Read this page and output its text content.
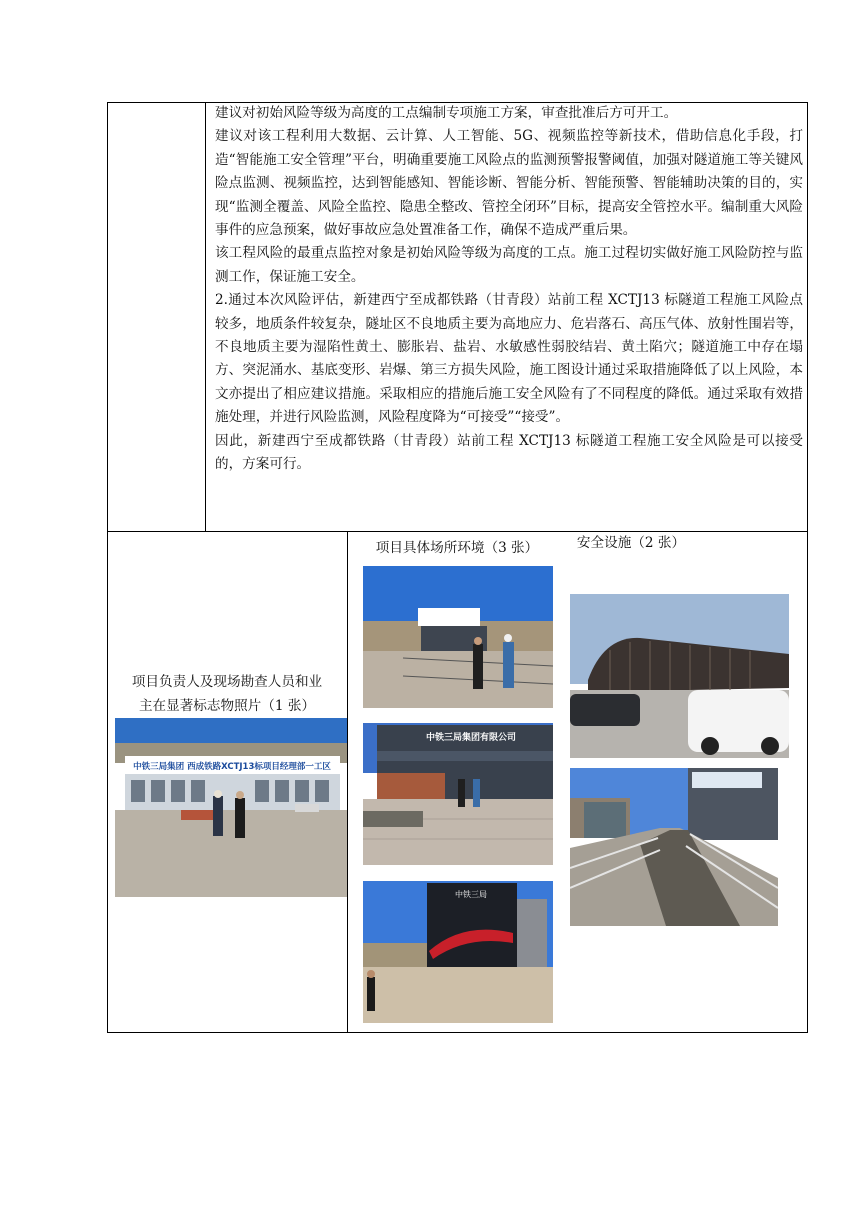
建议对初始风险等级为高度的工点编制专项施工方案，审查批准后方可开工。

建议对该工程利用大数据、云计算、人工智能、5G、视频监控等新技术，借助信息化手段，打造“智能施工安全管理”平台，明确重要施工风险点的监测预警报警阈值，加强对隧道施工等关键风险点监测、视频监控，达到智能感知、智能诊断、智能分析、智能预警、智能辅助决策的目的，实现“监测全覆盖、风险全监控、隐患全整改、管控全闭环”目标，提高安全管控水平。编制重大风险事件的应急预案，做好事故应急处置准备工作，确保不造成严重后果。

该工程风险的最重点监控对象是初始风险等级为高度的工点。施工过程切实做好施工风险防控与监测工作，保证施工安全。

2.通过本次风险评估，新建西宁至成都铁路（甘青段）站前工程 XCTJ13 标隧道工程施工风险点较多，地质条件较复杂，隧址区不良地质主要为高地应力、危岩落石、高压气体、放射性围岩等，不良地质主要为湿陷性黄土、膨胀岩、盐岩、水敏感性弱胶结岩、黄土陷穴；隧道施工中存在塌方、突泥涌水、基底变形、岩爆、第三方损失风险，施工图设计通过采取措施降低了以上风险，本文亦提出了相应建议措施。采取相应的措施后施工安全风险有了不同程度的降低。通过采取有效措施处理，并进行风险监测，风险程度降为“可接受”“接受”。

因此，新建西宁至成都铁路（甘青段）站前工程 XCTJ13 标隧道工程施工安全风险是可以接受的，方案可行。

项目负责人及现场勘查人员和业
主在显著标志物照片（1 张）
项目具体场所环境（3 张）	安全设施（2 张）
中铁三局集团 西成铁路XCTJ13标项目经理部一工区
中铁三局集团有限公司
中铁三局
